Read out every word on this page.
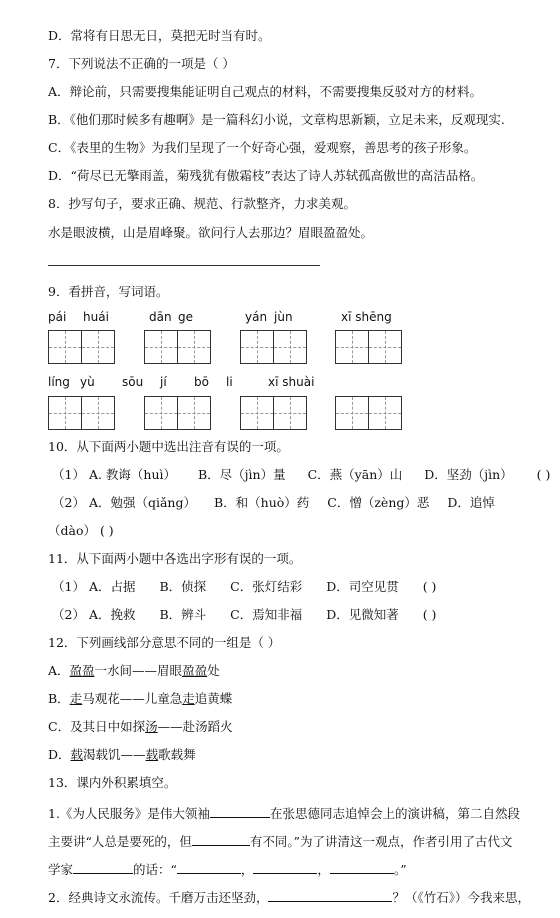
D．常将有日思无日，莫把无时当有时。
7．下列说法不正确的一项是（ ）
A．辩论前，只需要搜集能证明自己观点的材料，不需要搜集反驳对方的材料。
B．《他们那时候多有趣啊》是一篇科幻小说，文章构思新颖，立足未来，反观现实.
C．《表里的生物》为我们呈现了一个好奇心强，爱观察，善思考的孩子形象。
D．“荷尽已无擎雨盖，菊残犹有傲霜枝”表达了诗人苏轼孤高傲世的高洁品格。
8．抄写句子，要求正确、规范、行款整齐，力求美观。
水是眼波横，山是眉峰聚。欲问行人去那边？眉眼盈盈处。
9．看拼音，写词语。
pái huái	dān ge	yán jùn	xī shēng
líng yù sōu jí bō li	xī shuài
10．从下面两小题中选出注音有误的一项。
（1） A. 教诲（huì） B．尽（jìn）量 C．燕（yān）山 D．坚劲（jìn） ( )
（2） A．勉强（qiǎng） B．和（huò）药 C．憎（zèng）恶 D．追悼
（dào） ( )
11．从下面两小题中各选出字形有误的一项。
（1） A．占据 B．侦探 C．张灯结彩 D．司空见贯 ( )
（2） A．挽救 B．辨斗 C．焉知非福 D．见微知著 ( )
12．下列画线部分意思不同的一组是（ ）
A．盈盈一水间——眉眼盈盈处
B．走马观花——儿童急走追黄蝶
C．及其日中如探汤——赴汤蹈火
D．载渴载饥——载歌载舞
13．课内外积累填空。
1.《为人民服务》是伟大领袖	在张思德同志追悼会上的演讲稿，第二自然段
主要讲“人总是要死的，但	有不同。”为了讲清这一观点，作者引用了古代文
学家	的话：“	，	，	。”
2．经典诗文永流传。千磨万击还坚劲，	？（《竹石》）今我来思，
